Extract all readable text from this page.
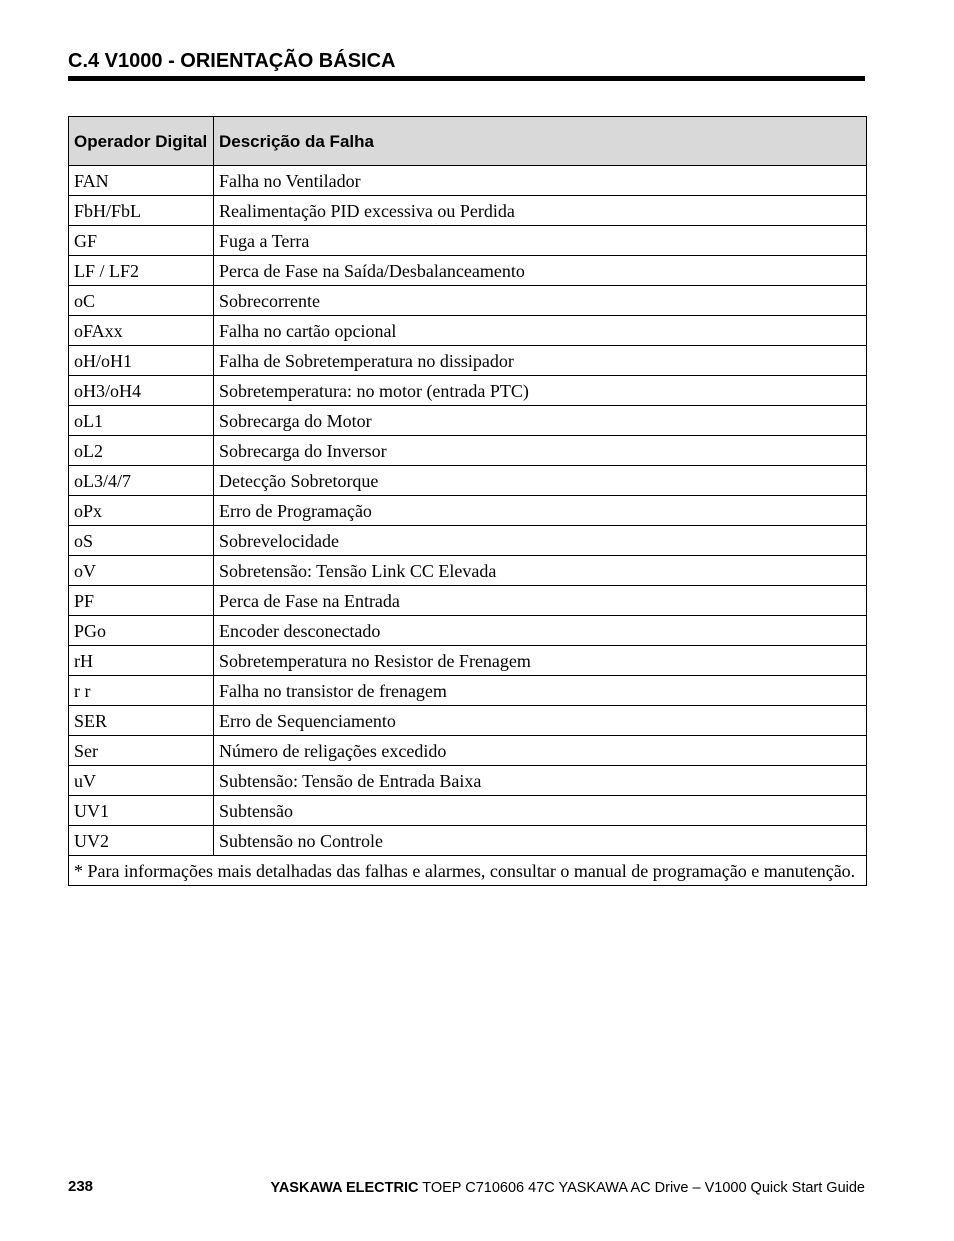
C.4 V1000 - ORIENTAÇÃO BÁSICA
Operador Digital	Descrição da Falha
FAN	Falha no Ventilador
FbH/FbL	Realimentação PID excessiva ou Perdida
GF	Fuga a Terra
LF / LF2	Perca de Fase na Saída/Desbalanceamento
oC	Sobrecorrente
oFAxx	Falha no cartão opcional
oH/oH1	Falha de Sobretemperatura no dissipador
oH3/oH4	Sobretemperatura: no motor (entrada PTC)
oL1	Sobrecarga do Motor
oL2	Sobrecarga do Inversor
oL3/4/7	Detecção Sobretorque
oPx	Erro de Programação
oS	Sobrevelocidade
oV	Sobretensão: Tensão Link CC Elevada
PF	Perca de Fase na Entrada
PGo	Encoder desconectado
rH	Sobretemperatura no Resistor de Frenagem
r r	Falha no transistor de frenagem
SER	Erro de Sequenciamento
Ser	Número de religações excedido
uV	Subtensão: Tensão de Entrada Baixa
UV1	Subtensão
UV2	Subtensão no Controle
* Para informações mais detalhadas das falhas e alarmes, consultar o manual de programação e manutenção.	
238	YASKAWA ELECTRIC TOEP C710606 47C YASKAWA AC Drive – V1000 Quick Start Guide
